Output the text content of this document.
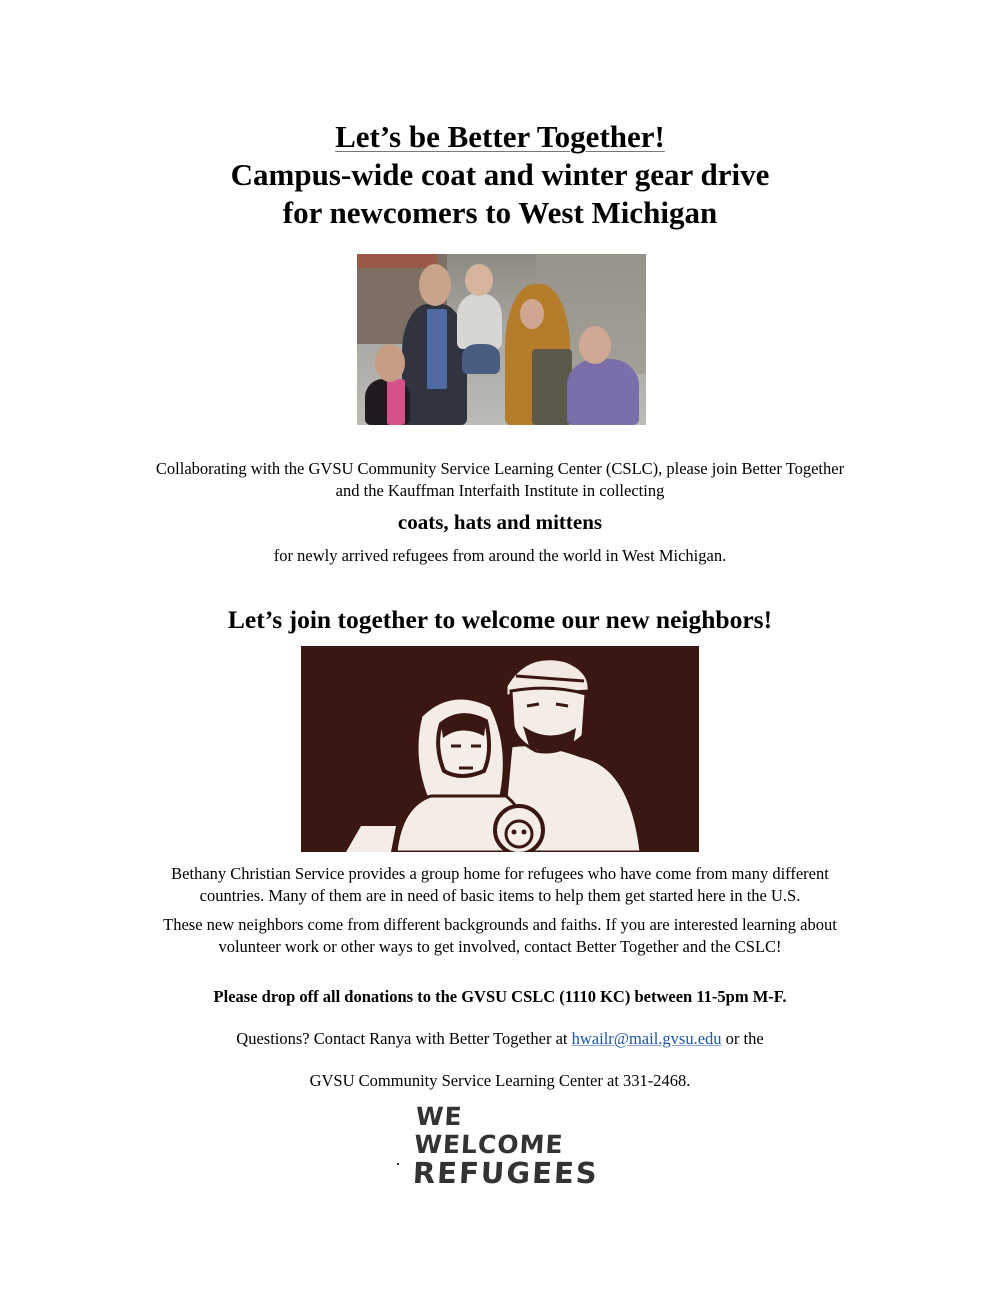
Let’s be Better Together!
Campus-wide coat and winter gear drive
for newcomers to West Michigan
Collaborating with the GVSU Community Service Learning Center (CSLC), please join Better Together
and the Kauffman Interfaith Institute in collecting
coats, hats and mittens
for newly arrived refugees from around the world in West Michigan.
Let’s join together to welcome our new neighbors!
Bethany Christian Service provides a group home for refugees who have come from many different
countries. Many of them are in need of basic items to help them get started here in the U.S.
These new neighbors come from different backgrounds and faiths. If you are interested learning about
volunteer work or other ways to get involved, contact Better Together and the CSLC!
Please drop off all donations to the GVSU CSLC (1110 KC) between 11-5pm M-F.
Questions? Contact Ranya with Better Together at hwailr@mail.gvsu.edu or the
GVSU Community Service Learning Center at 331-2468.
WE WELCOME
REFUGEES
